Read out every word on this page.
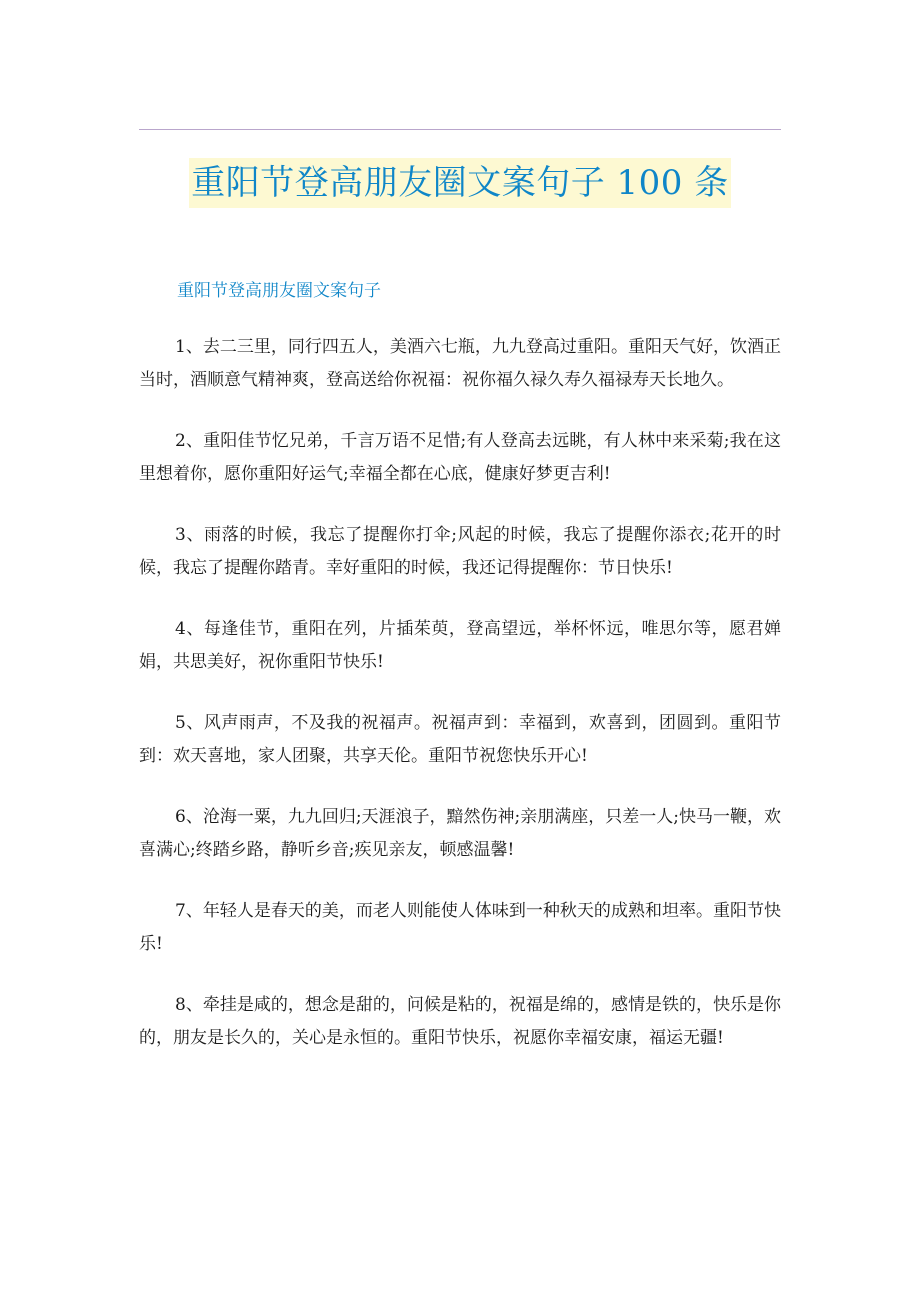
重阳节登高朋友圈文案句子 100 条
重阳节登高朋友圈文案句子
1、去二三里，同行四五人，美酒六七瓶，九九登高过重阳。重阳天气好，饮酒正当时，酒顺意气精神爽，登高送给你祝福：祝你福久禄久寿久福禄寿天长地久。
2、重阳佳节忆兄弟，千言万语不足惜;有人登高去远眺，有人林中来采菊;我在这里想着你，愿你重阳好运气;幸福全都在心底，健康好梦更吉利!
3、雨落的时候，我忘了提醒你打伞;风起的时候，我忘了提醒你添衣;花开的时候，我忘了提醒你踏青。幸好重阳的时候，我还记得提醒你：节日快乐!
4、每逢佳节，重阳在列，片插茱萸，登高望远，举杯怀远，唯思尔等，愿君婵娟，共思美好，祝你重阳节快乐!
5、风声雨声，不及我的祝福声。祝福声到：幸福到，欢喜到，团圆到。重阳节到：欢天喜地，家人团聚，共享天伦。重阳节祝您快乐开心!
6、沧海一粟，九九回归;天涯浪子，黯然伤神;亲朋满座，只差一人;快马一鞭，欢喜满心;终踏乡路，静听乡音;疾见亲友，顿感温馨!
7、年轻人是春天的美，而老人则能使人体味到一种秋天的成熟和坦率。重阳节快乐!
8、牵挂是咸的，想念是甜的，问候是粘的，祝福是绵的，感情是铁的，快乐是你的，朋友是长久的，关心是永恒的。重阳节快乐，祝愿你幸福安康，福运无疆!
